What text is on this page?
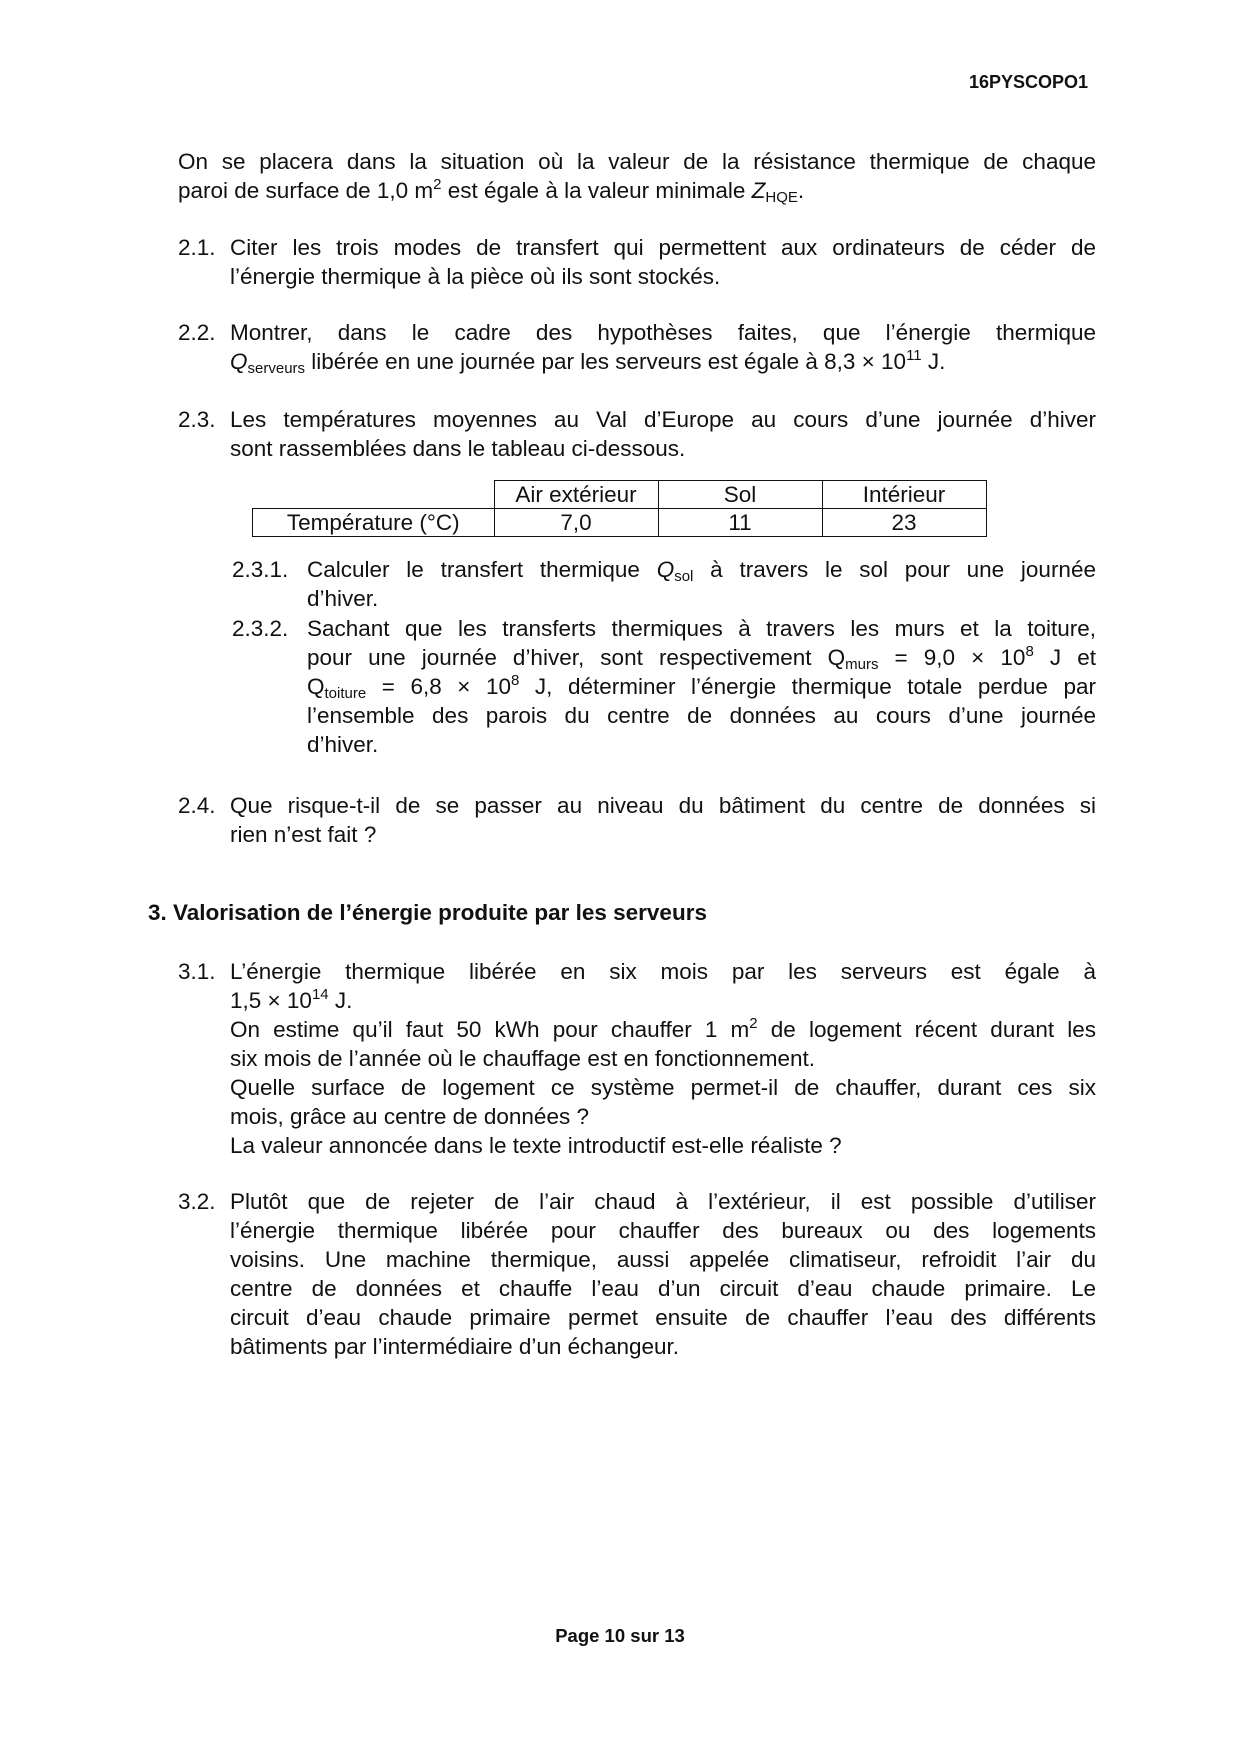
16PYSCOPO1
On se placera dans la situation où la valeur de la résistance thermique de chaque
paroi de surface de 1,0 $m^2$ est égale à la valeur minimale $Z_{HQE}$.
2.1. Citer les trois modes de transfert qui permettent aux ordinateurs de céder de
l’énergie thermique à la pièce où ils sont stockés.
2.2. Montrer, dans le cadre des hypothèses faites, que l’énergie thermique
$Q_{serveurs}$ libérée en une journée par les serveurs est égale à $8,3 \times 10^{11}$ J.
2.3. Les températures moyennes au Val d’Europe au cours d’une journée d’hiver
sont rassemblées dans le tableau ci-dessous.
	Air extérieur	Sol	Intérieur
Température (°C)	7,0	11	23
2.3.1. Calculer le transfert thermique $Q_{sol}$ à travers le sol pour une journée
d’hiver.
2.3.2. Sachant que les transferts thermiques à travers les murs et la toiture,
pour une journée d’hiver, sont respectivement $Q_{murs} = 9,0 \times 10^8$ J et
$Q_{toiture} = 6,8 \times 10^8$ J, déterminer l’énergie thermique totale perdue par
l’ensemble des parois du centre de données au cours d’une journée
d’hiver.
2.4. Que risque-t-il de se passer au niveau du bâtiment du centre de données si
rien n’est fait ?
3. Valorisation de l’énergie produite par les serveurs
3.1. L’énergie thermique libérée en six mois par les serveurs est égale à
$1,5 \times 10^{14}$ J.
On estime qu’il faut 50 kWh pour chauffer 1 $m^2$ de logement récent durant les
six mois de l’année où le chauffage est en fonctionnement.
Quelle surface de logement ce système permet-il de chauffer, durant ces six
mois, grâce au centre de données ?
La valeur annoncée dans le texte introductif est-elle réaliste ?
3.2. Plutôt que de rejeter de l’air chaud à l’extérieur, il est possible d’utiliser
l’énergie thermique libérée pour chauffer des bureaux ou des logements
voisins. Une machine thermique, aussi appelée climatiseur, refroidit l’air du
centre de données et chauffe l’eau d’un circuit d’eau chaude primaire. Le
circuit d’eau chaude primaire permet ensuite de chauffer l’eau des différents
bâtiments par l’intermédiaire d’un échangeur.
Page 10 sur 13
